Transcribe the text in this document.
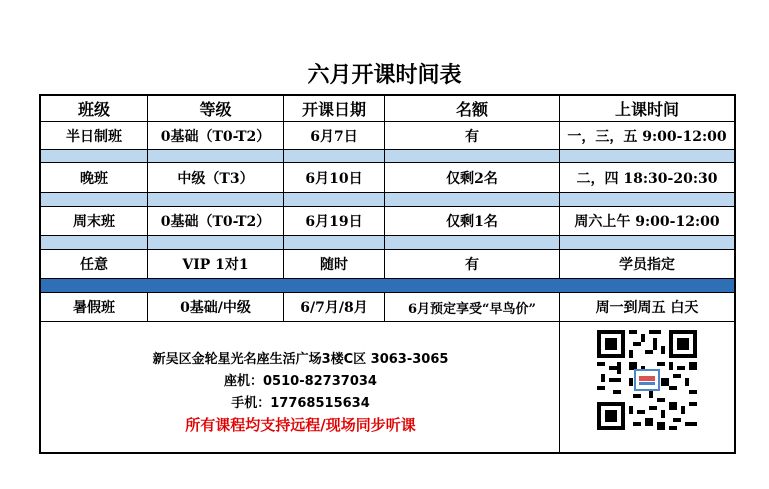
六月开课时间表
班级	等级	开课日期	名额	上课时间
半日制班	0基础（T0-T2）	6月7日	有	一，三，五 9:00-12:00
晚班	中级（T3）	6月10日	仅剩2名	二，四 18:30-20:30
周末班	0基础（T0-T2）	6月19日	仅剩1名	周六上午 9:00-12:00
任意	VIP 1对1	随时	有	学员指定
暑假班	0基础/中级	6/7月/8月	6月预定享受“早鸟价”	周一到周五 白天
新吴区金轮星光名座生活广场3楼C区 3063-3065
座机：0510-82737034
手机：17768515634
所有课程均支持远程/现场同步听课
